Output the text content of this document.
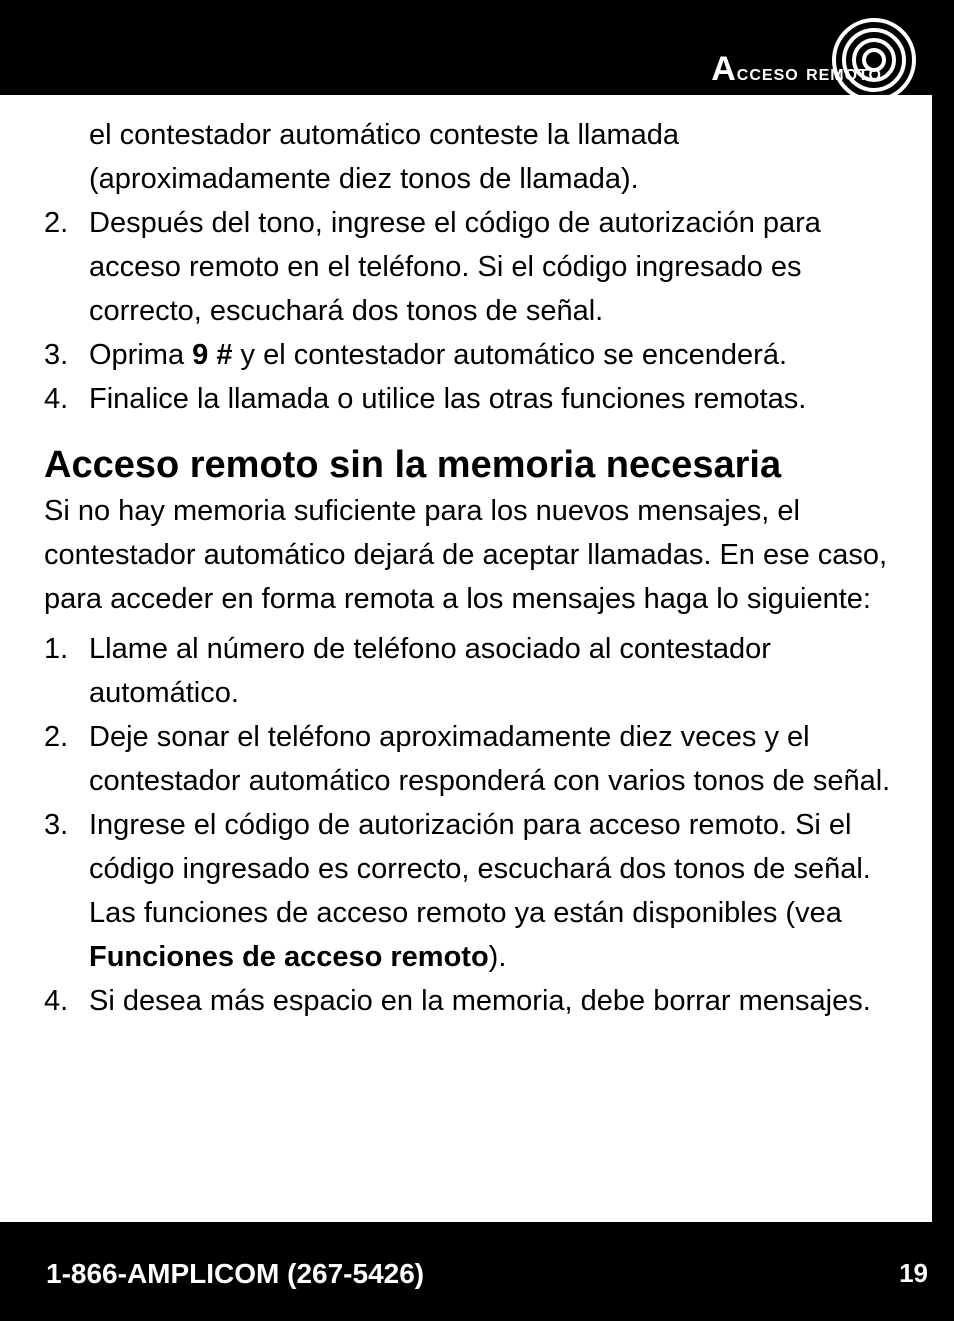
Acceso remoto
el contestador automático conteste la llamada
(aproximadamente diez tonos de llamada).
2. Después del tono, ingrese el código de autorización para acceso remoto en el teléfono. Si el código ingresado es correcto, escuchará dos tonos de señal.
3. Oprima 9 # y el contestador automático se encenderá.
4. Finalice la llamada o utilice las otras funciones remotas.
Acceso remoto sin la memoria necesaria

Si no hay memoria suficiente para los nuevos mensajes, el contestador automático dejará de aceptar llamadas. En ese caso, para acceder en forma remota a los mensajes haga lo siguiente:

1. Llame al número de teléfono asociado al contestador automático.
2. Deje sonar el teléfono aproximadamente diez veces y el contestador automático responderá con varios tonos de señal.
3. Ingrese el código de autorización para acceso remoto. Si el código ingresado es correcto, escuchará dos tonos de señal. Las funciones de acceso remoto ya están disponibles (vea Funciones de acceso remoto).
4. Si desea más espacio en la memoria, debe borrar mensajes.
1-866-AMPLICOM (267-5426)	19
